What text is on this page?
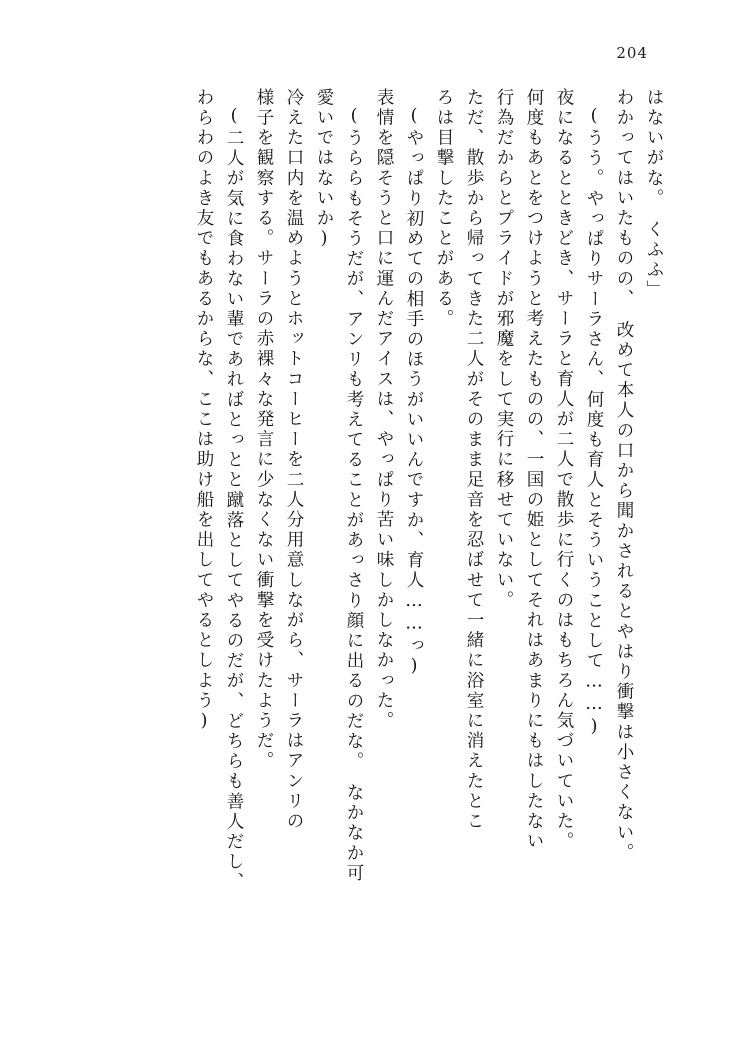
204
はないがな。　くふふ」
わかってはいたものの、　改めて本人の口から聞かされるとやはり衝撃は小さくない。
(うう。やっぱりサーラさん、何度も育人とそういうことして……)
夜になるとときどき、サーラと育人が二人で散歩に行くのはもちろん気づいていた。
何度もあとをつけようと考えたものの、一国の姫としてそれはあまりにもはしたない
行為だからとプライドが邪魔をして実行に移せていない。
ただ、散歩から帰ってきた二人がそのまま足音を忍ばせて一緒に浴室に消えたとこ
ろは目撃したことがある。
(やっぱり初めての相手のほうがいいんですか、育人……っ)
表情を隠そうと口に運んだアイスは、やっぱり苦い味しかしなかった。
(うららもそうだが、アンリも考えてることがあっさり顔に出るのだな。　なかなか可
愛いではないか)
冷えた口内を温めようとホットコーヒーを二人分用意しながら、サーラはアンリの
様子を観察する。サーラの赤裸々な発言に少なくない衝撃を受けたようだ。
(二人が気に食わない輩であればとっとと蹴落としてやるのだが、どちらも善人だし、
わらわのよき友でもあるからな、ここは助け船を出してやるとしよう)
